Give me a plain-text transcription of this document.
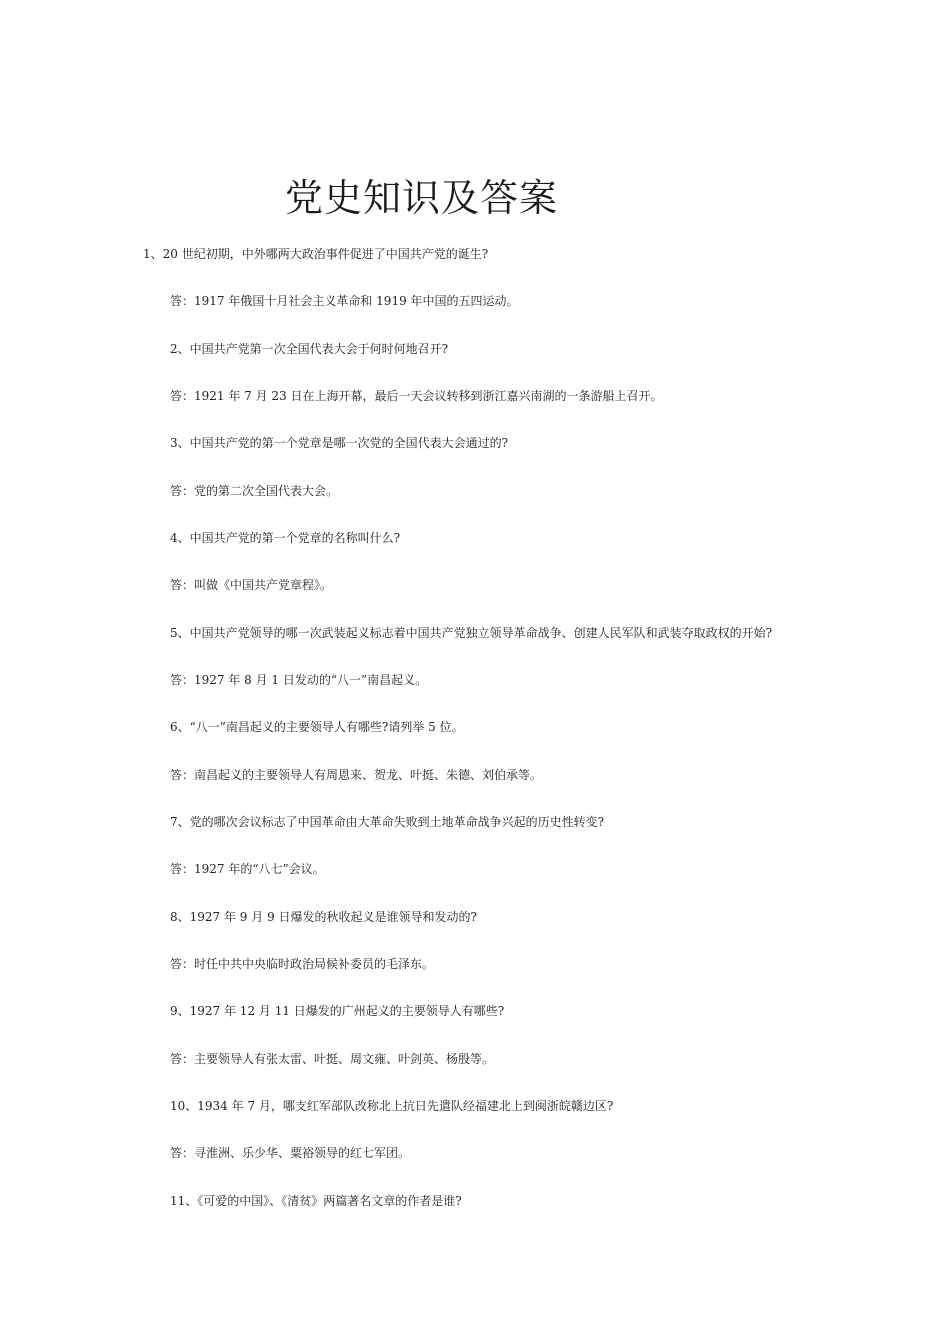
党史知识及答案
1、20 世纪初期，中外哪两大政治事件促进了中国共产党的诞生?
答：1917 年俄国十月社会主义革命和 1919 年中国的五四运动。
2、中国共产党第一次全国代表大会于何时何地召开?
答：1921 年 7 月 23 日在上海开幕，最后一天会议转移到浙江嘉兴南湖的一条游船上召开。
3、中国共产党的第一个党章是哪一次党的全国代表大会通过的?
答：党的第二次全国代表大会。
4、中国共产党的第一个党章的名称叫什么?
答：叫做《中国共产党章程》。
5、中国共产党领导的哪一次武装起义标志着中国共产党独立领导革命战争、创建人民军队和武装夺取政权的开始?
答：1927 年 8 月 1 日发动的“八一”南昌起义。
6、“八一”南昌起义的主要领导人有哪些?请列举 5 位。
答：南昌起义的主要领导人有周恩来、贺龙、叶挺、朱德、刘伯承等。
7、党的哪次会议标志了中国革命由大革命失败到土地革命战争兴起的历史性转变?
答：1927 年的“八七”会议。
8、1927 年 9 月 9 日爆发的秋收起义是谁领导和发动的?
答：时任中共中央临时政治局候补委员的毛泽东。
9、1927 年 12 月 11 日爆发的广州起义的主要领导人有哪些?
答：主要领导人有张太雷、叶挺、周文雍、叶剑英、杨殷等。
10、1934 年 7 月，哪支红军部队改称北上抗日先遣队经福建北上到闽浙皖赣边区?
答：寻淮洲、乐少华、粟裕领导的红七军团。
11、《可爱的中国》、《清贫》两篇著名文章的作者是谁?
